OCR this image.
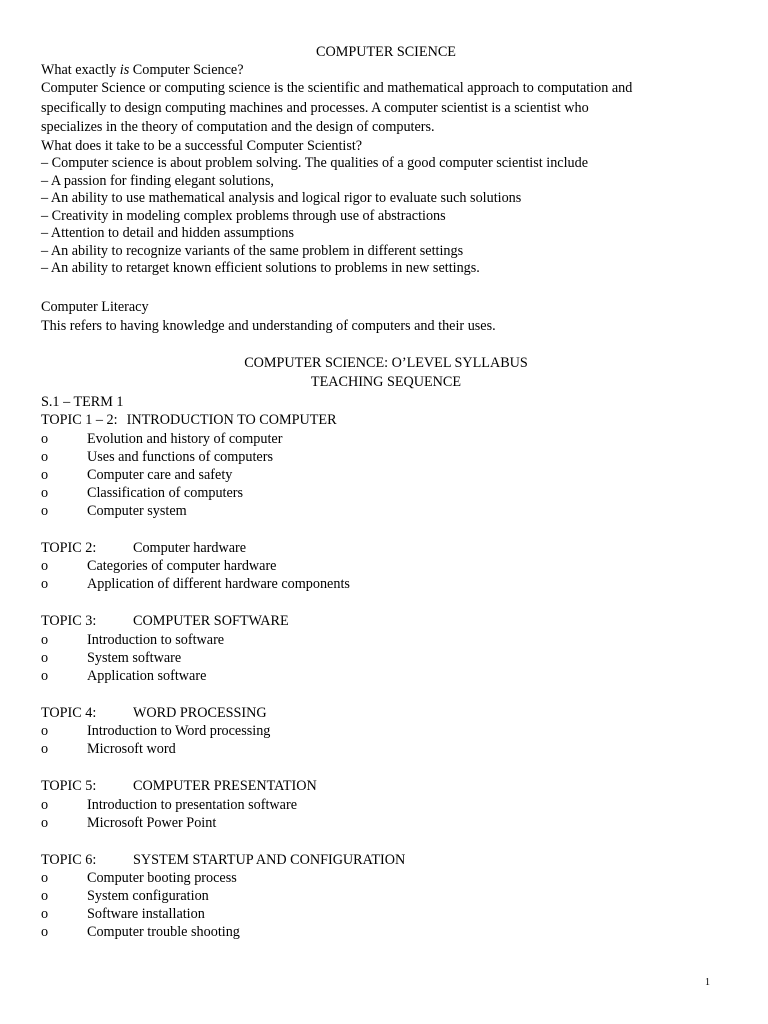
COMPUTER SCIENCE
What exactly is Computer Science?
Computer Science or computing science is the scientific and mathematical approach to computation and
specifically to design computing machines and processes. A computer scientist is a scientist who
specializes in the theory of computation and the design of computers.
What does it take to be a successful Computer Scientist?
– Computer science is about problem solving. The qualities of a good computer scientist include
– A passion for finding elegant solutions,
– An ability to use mathematical analysis and logical rigor to evaluate such solutions
– Creativity in modeling complex problems through use of abstractions
– Attention to detail and hidden assumptions
– An ability to recognize variants of the same problem in different settings
– An ability to retarget known efficient solutions to problems in new settings.
Computer Literacy
This refers to having knowledge and understanding of computers and their uses.
COMPUTER SCIENCE: O’LEVEL SYLLABUS
TEACHING SEQUENCE
S.1 – TERM 1
TOPIC 1 – 2: INTRODUCTION TO COMPUTER
o	Evolution and history of computer
o	Uses and functions of computers
o	Computer care and safety
o	Classification of computers
o	Computer system
TOPIC 2:	Computer hardware
o	Categories of computer hardware
o	Application of different hardware components
TOPIC 3:	COMPUTER SOFTWARE
o	Introduction to software
o	System software
o	Application software
TOPIC 4:	WORD PROCESSING
o	Introduction to Word processing
o	Microsoft word
TOPIC 5:	COMPUTER PRESENTATION
o	Introduction to presentation software
o	Microsoft Power Point
TOPIC 6:	SYSTEM STARTUP AND CONFIGURATION
o	Computer booting process
o	System configuration
o	Software installation
o	Computer trouble shooting
1
